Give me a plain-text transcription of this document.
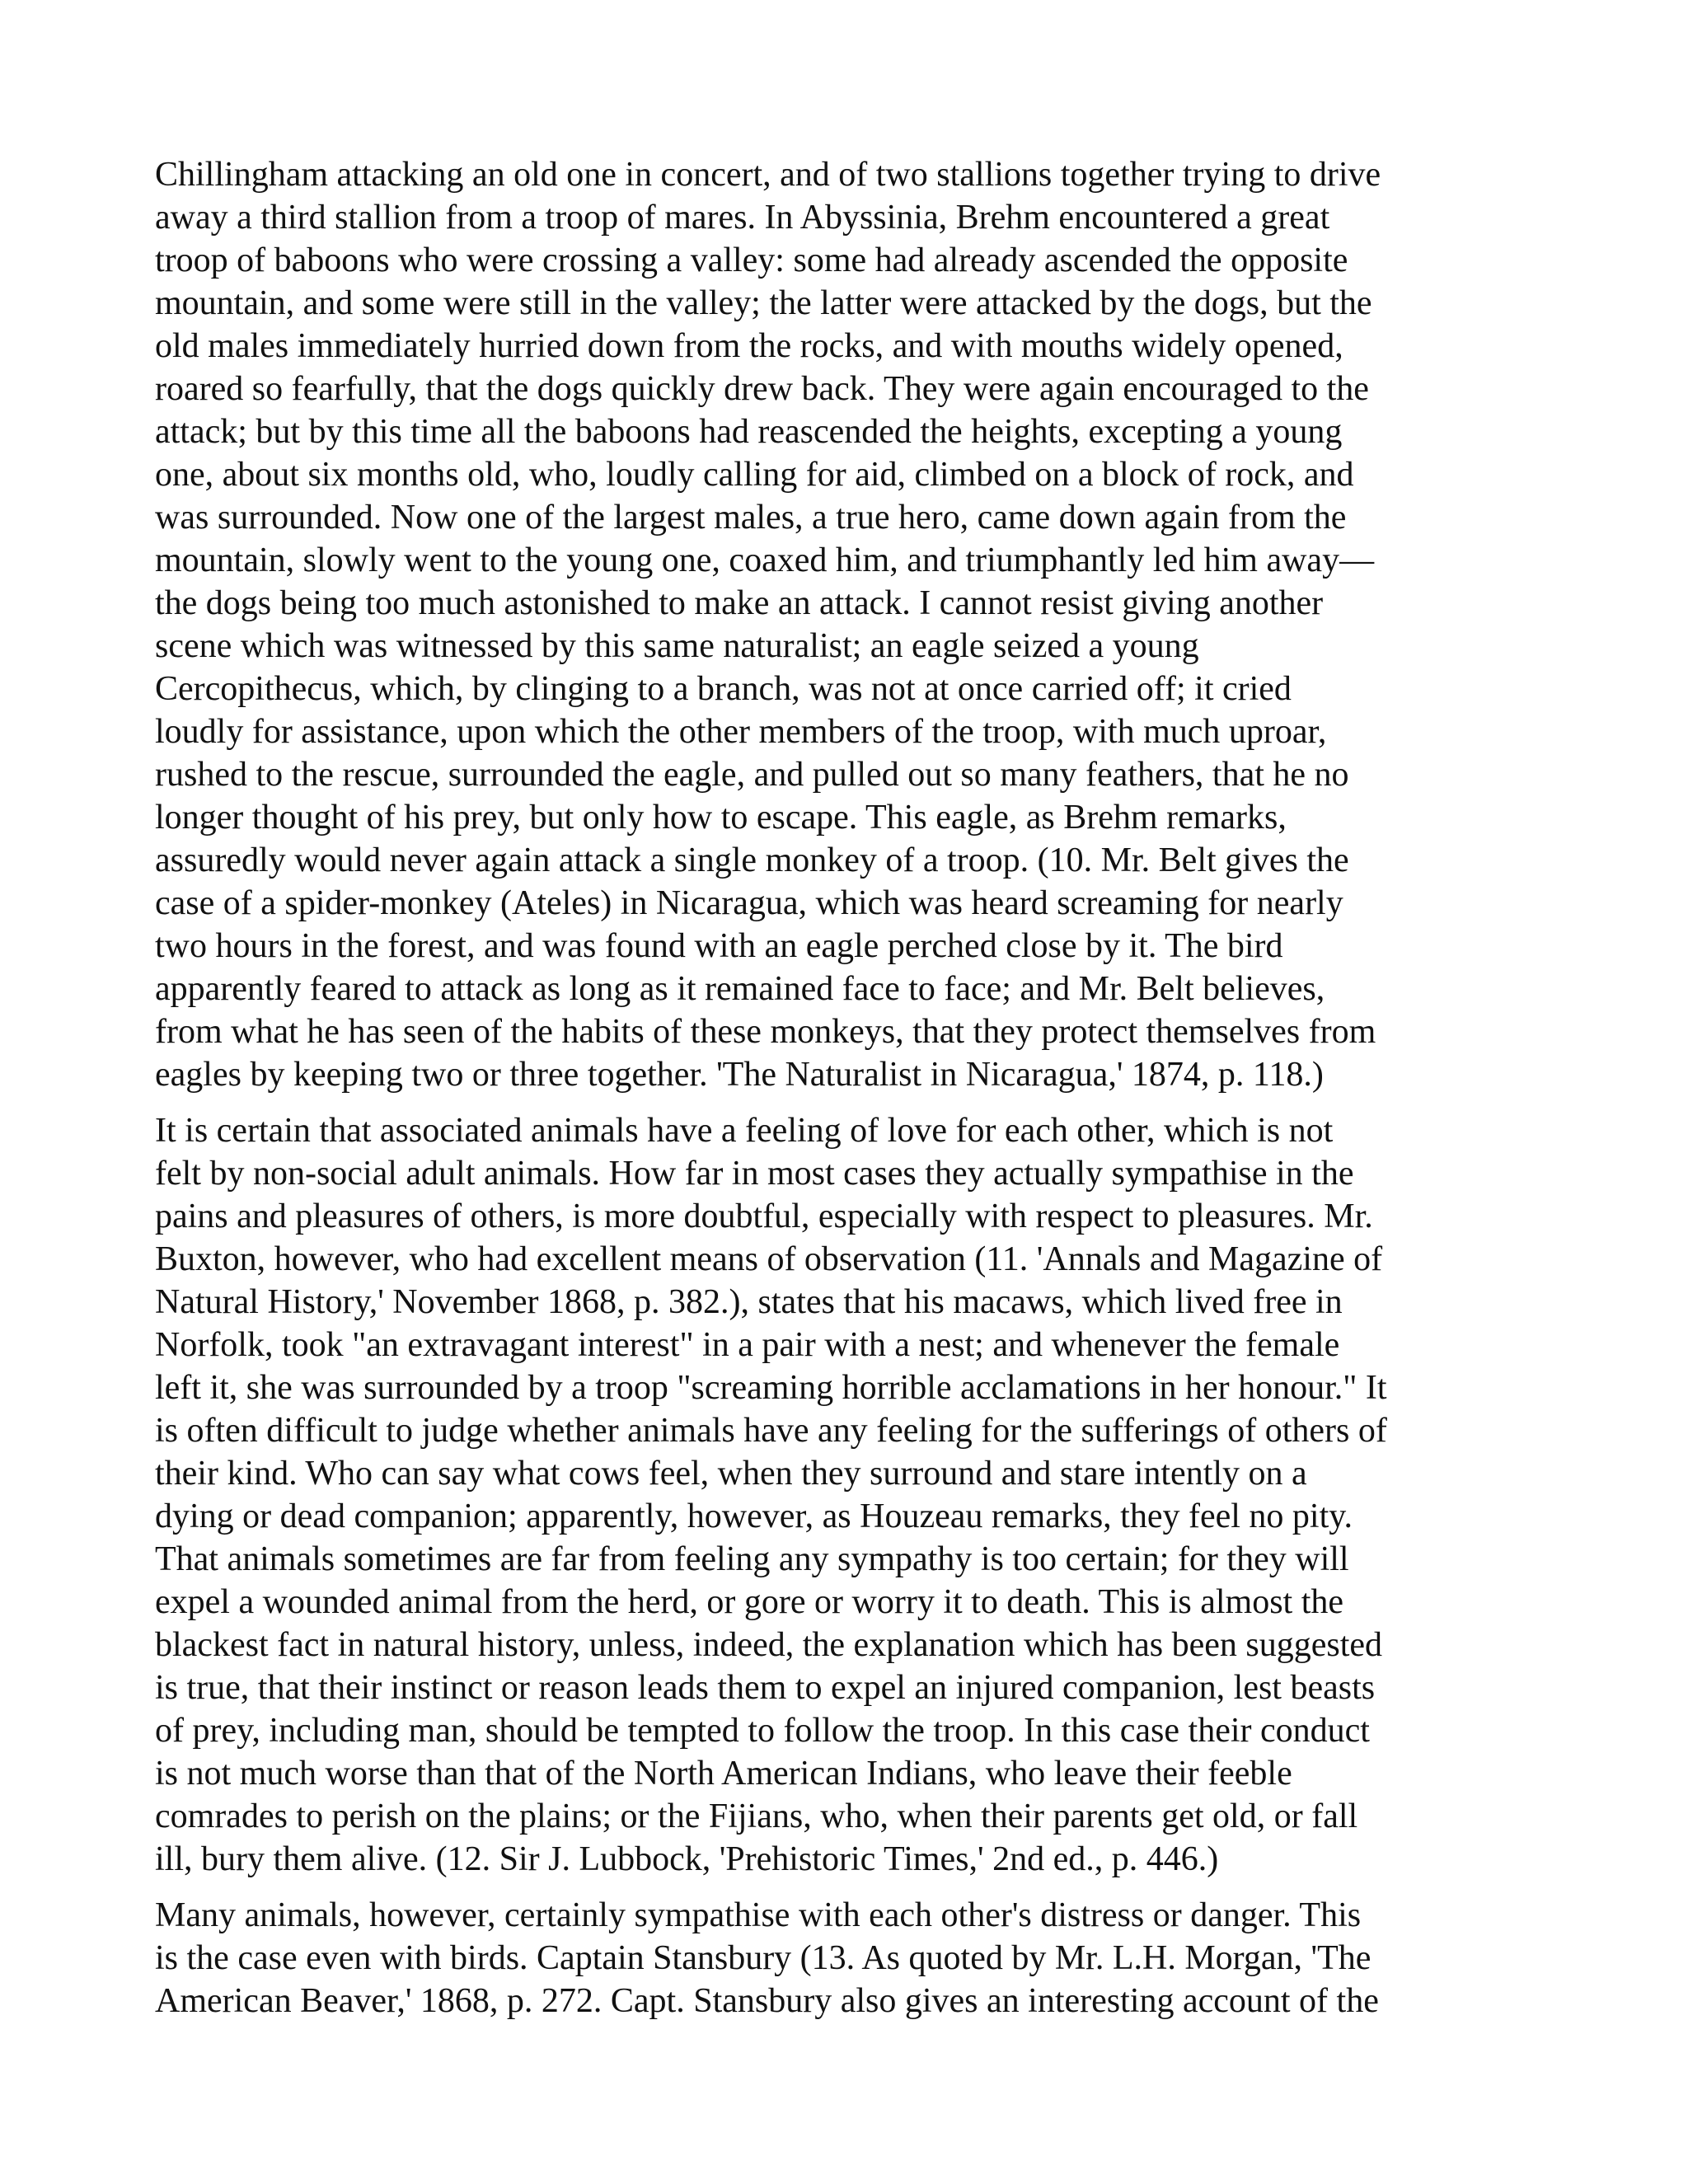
Chillingham attacking an old one in concert, and of two stallions together trying to drive
away a third stallion from a troop of mares. In Abyssinia, Brehm encountered a great
troop of baboons who were crossing a valley: some had already ascended the opposite
mountain, and some were still in the valley; the latter were attacked by the dogs, but the
old males immediately hurried down from the rocks, and with mouths widely opened,
roared so fearfully, that the dogs quickly drew back. They were again encouraged to the
attack; but by this time all the baboons had reascended the heights, excepting a young
one, about six months old, who, loudly calling for aid, climbed on a block of rock, and
was surrounded. Now one of the largest males, a true hero, came down again from the
mountain, slowly went to the young one, coaxed him, and triumphantly led him away—
the dogs being too much astonished to make an attack. I cannot resist giving another
scene which was witnessed by this same naturalist; an eagle seized a young
Cercopithecus, which, by clinging to a branch, was not at once carried off; it cried
loudly for assistance, upon which the other members of the troop, with much uproar,
rushed to the rescue, surrounded the eagle, and pulled out so many feathers, that he no
longer thought of his prey, but only how to escape. This eagle, as Brehm remarks,
assuredly would never again attack a single monkey of a troop. (10. Mr. Belt gives the
case of a spider-monkey (Ateles) in Nicaragua, which was heard screaming for nearly
two hours in the forest, and was found with an eagle perched close by it. The bird
apparently feared to attack as long as it remained face to face; and Mr. Belt believes,
from what he has seen of the habits of these monkeys, that they protect themselves from
eagles by keeping two or three together. 'The Naturalist in Nicaragua,' 1874, p. 118.)

It is certain that associated animals have a feeling of love for each other, which is not
felt by non-social adult animals. How far in most cases they actually sympathise in the
pains and pleasures of others, is more doubtful, especially with respect to pleasures. Mr.
Buxton, however, who had excellent means of observation (11. 'Annals and Magazine of
Natural History,' November 1868, p. 382.), states that his macaws, which lived free in
Norfolk, took "an extravagant interest" in a pair with a nest; and whenever the female
left it, she was surrounded by a troop "screaming horrible acclamations in her honour." It
is often difficult to judge whether animals have any feeling for the sufferings of others of
their kind. Who can say what cows feel, when they surround and stare intently on a
dying or dead companion; apparently, however, as Houzeau remarks, they feel no pity.
That animals sometimes are far from feeling any sympathy is too certain; for they will
expel a wounded animal from the herd, or gore or worry it to death. This is almost the
blackest fact in natural history, unless, indeed, the explanation which has been suggested
is true, that their instinct or reason leads them to expel an injured companion, lest beasts
of prey, including man, should be tempted to follow the troop. In this case their conduct
is not much worse than that of the North American Indians, who leave their feeble
comrades to perish on the plains; or the Fijians, who, when their parents get old, or fall
ill, bury them alive. (12. Sir J. Lubbock, 'Prehistoric Times,' 2nd ed., p. 446.)

Many animals, however, certainly sympathise with each other's distress or danger. This
is the case even with birds. Captain Stansbury (13. As quoted by Mr. L.H. Morgan, 'The
American Beaver,' 1868, p. 272. Capt. Stansbury also gives an interesting account of the
